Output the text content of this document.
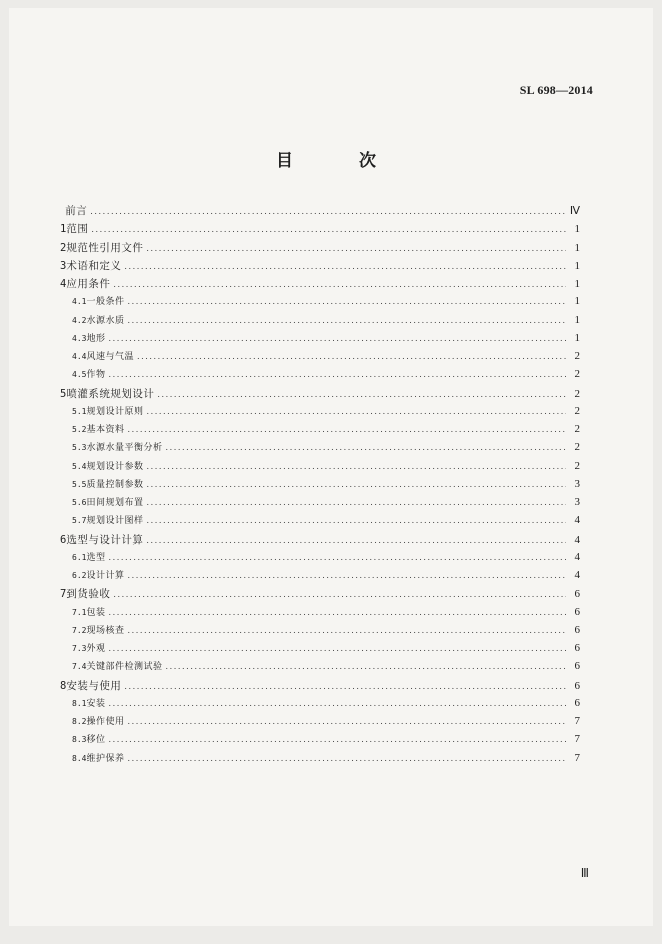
SL 698—2014
目 次
前言 .....	Ⅳ
1 范围 .....	1
2 规范性引用文件 .....	1
3 术语和定义 .....	1
4 应用条件 .....	1
4.1 一般条件 .....	1
4.2 水源水质 .....	1
4.3 地形 .....	1
4.4 风速与气温 .....	2
4.5 作物 .....	2
5 喷灌系统规划设计 .....	2
5.1 规划设计原则 .....	2
5.2 基本资料 .....	2
5.3 水源水量平衡分析 .....	2
5.4 规划设计参数 .....	2
5.5 质量控制参数 .....	3
5.6 田间规划布置 .....	3
5.7 规划设计图样 .....	4
6 选型与设计计算 .....	4
6.1 选型 .....	4
6.2 设计计算 .....	4
7 到货验收 .....	6
7.1 包装 .....	6
7.2 现场核查 .....	6
7.3 外观 .....	6
7.4 关键部件检测试验 .....	6
8 安装与使用 .....	6
8.1 安装 .....	6
8.2 操作使用 .....	7
8.3 移位 .....	7
8.4 维护保养 .....	7
Ⅲ
